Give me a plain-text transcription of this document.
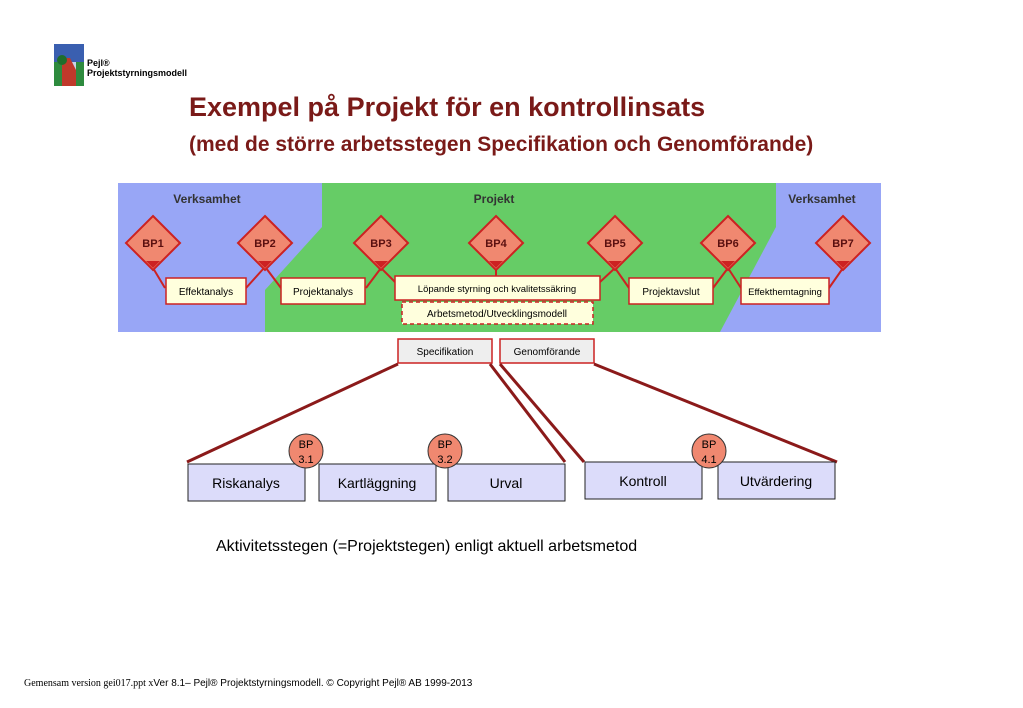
Pejl®
Projektstyrningsmodell
Exempel på Projekt för en kontrollinsats
(med de större arbetsstegen Specifikation och Genomförande)
Verksamhet	Projekt	Verksamhet
BP1	BP2	BP3	BP4	BP5	BP6	BP7
Effektanalys	Projektanalys	Löpande styrning och kvalitetssäkring	Projektavslut	Effekthemtagning
Arbetsmetod/Utvecklingsmodell
Specifikation	Genomförande
Riskanalys	Kartläggning	Urval	Kontroll	Utvärdering
BP
3.1
BP
3.2
BP
4.1
Aktivitetsstegen (=Projektstegen) enligt aktuell arbetsmetod
Gemensam version gei017.ppt xVer 8.1– Pejl® Projektstyrningsmodell. © Copyright Pejl® AB 1999-2013
